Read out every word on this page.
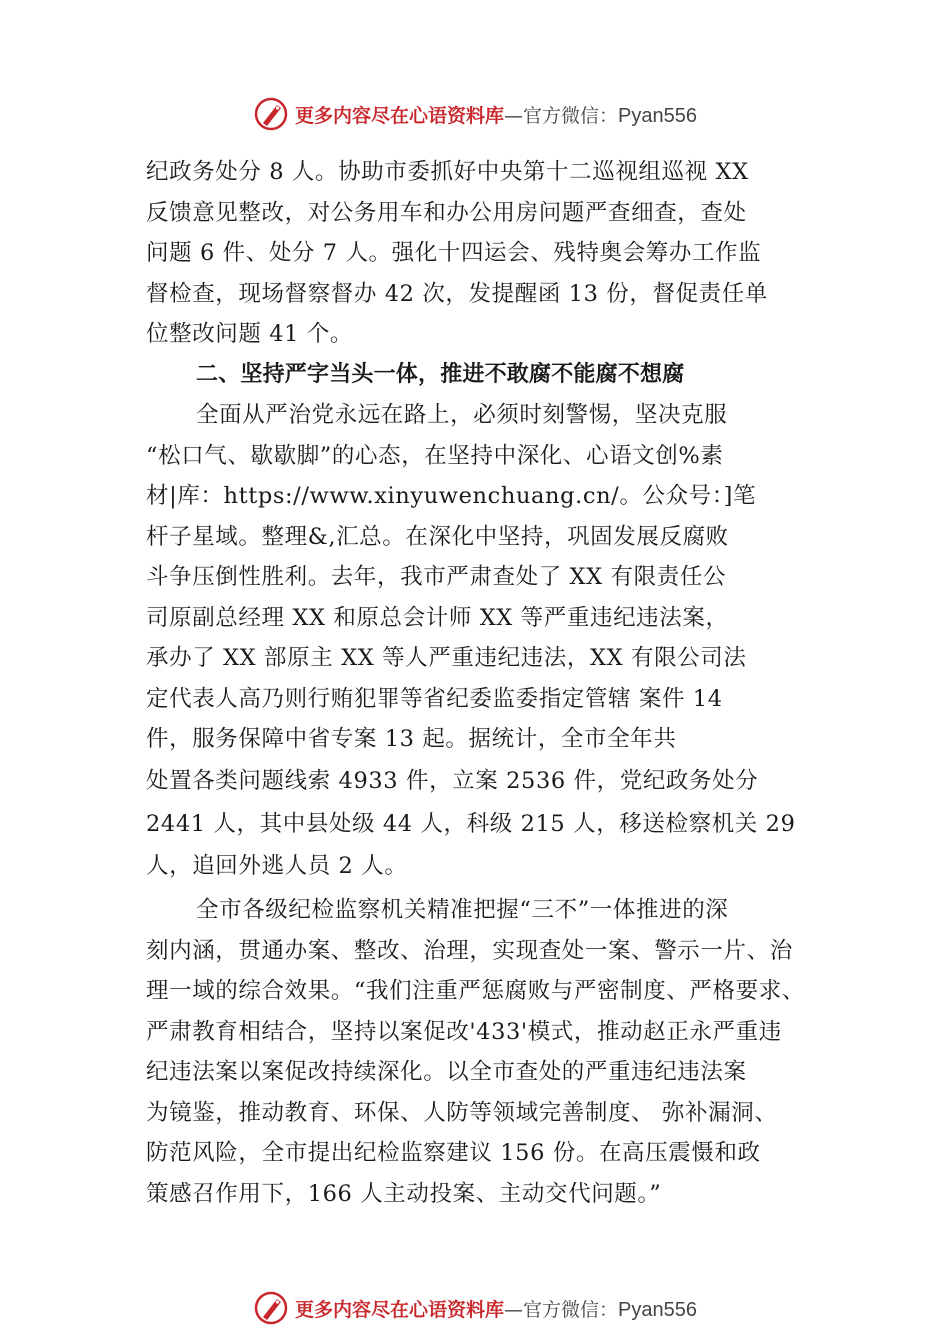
更多内容尽在心语资料库 —官方微信： Pyan556
纪政务处分 8 人。协助市委抓好中央第十二巡视组巡视 XX
反馈意见整改，对公务用车和办公用房问题严查细查，查处
问题 6 件、处分 7 人。强化十四运会、残特奥会筹办工作监
督检查，现场督察督办 42 次，发提醒函 13 份，督促责任单
位整改问题 41 个。
二、坚持严字当头一体，推进不敢腐不能腐不想腐
全面从严治党永远在路上，必须时刻警惕，坚决克服
“松口气、歇歇脚”的心态，在坚持中深化、心语文创%素
材|库：https://www.xinyuwenchuang.cn/。公众号：]笔
杆子星域。整理&,汇总。在深化中坚持，巩固发展反腐败
斗争压倒性胜利。去年，我市严肃查处了 XX 有限责任公
司原副总经理 XX 和原总会计师 XX 等严重违纪违法案，
承办了 XX 部原主 XX 等人严重违纪违法，XX 有限公司法
定代表人高乃则行贿犯罪等省纪委监委指定管辖 案件 14
件，服务保障中省专案 13 起。据统计，全市全年共
处置各类问题线索 4933 件，立案 2536 件，党纪政务处分
2441 人，其中县处级 44 人，科级 215 人，移送检察机关 29
人，追回外逃人员 2 人。
全市各级纪检监察机关精准把握“三不”一体推进的深
刻内涵，贯通办案、整改、治理，实现查处一案、警示一片、治
理一域的综合效果。“我们注重严惩腐败与严密制度、严格要求、
严肃教育相结合，坚持以案促改'433'模式，推动赵正永严重违
纪违法案以案促改持续深化。以全市查处的严重违纪违法案
为镜鉴，推动教育、环保、人防等领域完善制度、 弥补漏洞、
防范风险，全市提出纪检监察建议 156 份。在高压震慑和政
策感召作用下，166 人主动投案、主动交代问题。”
更多内容尽在心语资料库 —官方微信： Pyan556
